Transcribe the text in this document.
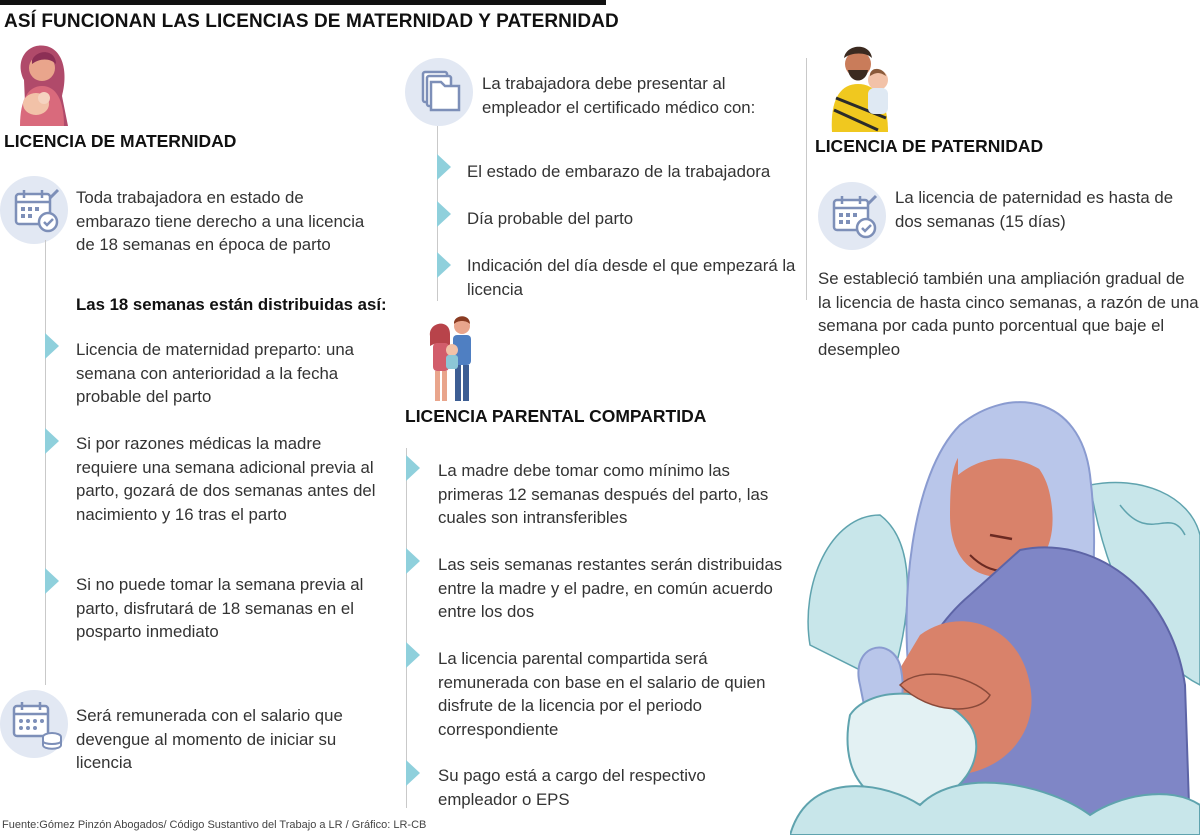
ASÍ FUNCIONAN LAS LICENCIAS DE MATERNIDAD Y PATERNIDAD
LICENCIA DE MATERNIDAD
Toda trabajadora en estado de embarazo tiene derecho a una licencia de 18 semanas en época de parto
Las 18 semanas están distribuidas así:
Licencia de maternidad preparto: una semana con anterioridad a la fecha probable del parto
Si por razones médicas la madre requiere una semana adicional previa al parto, gozará de dos semanas antes del nacimiento y 16 tras el parto
Si no puede tomar la semana previa al parto, disfrutará de 18 semanas en el posparto inmediato
Será remunerada con el salario que devengue al momento de iniciar su licencia
La trabajadora debe presentar al empleador el certificado médico con:
El estado de embarazo de la trabajadora
Día probable del parto
Indicación del día desde el que empezará la licencia
LICENCIA PARENTAL COMPARTIDA
La madre debe tomar como mínimo las primeras 12 semanas después del parto, las cuales son intransferibles
Las seis semanas restantes serán distribuidas entre la madre y el padre, en común acuerdo entre los dos
La licencia parental compartida será remunerada con base en el salario de quien disfrute de la licencia por el periodo correspondiente
Su pago está a cargo del respectivo empleador o EPS
LICENCIA DE PATERNIDAD
La licencia de paternidad es hasta de dos semanas (15 días)
Se estableció también una ampliación gradual de la licencia de hasta cinco semanas, a razón de una semana por cada punto porcentual que baje el desempleo
Fuente:Gómez Pinzón Abogados/ Código Sustantivo del Trabajo a LR / Gráfico: LR-CB
